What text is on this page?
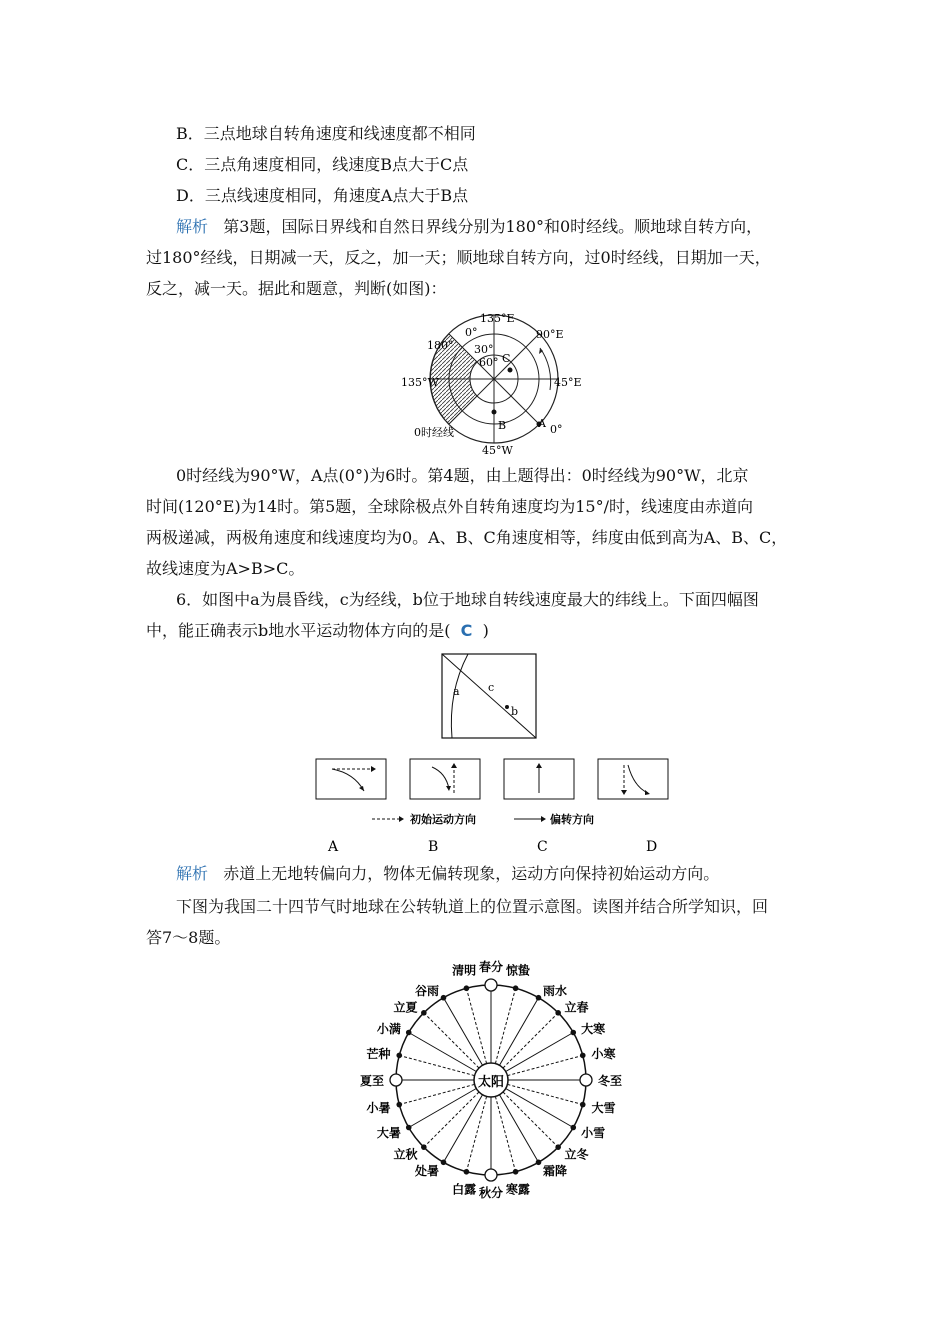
B．三点地球自转角速度和线速度都不相同
C．三点角速度相同，线速度B点大于C点
D．三点线速度相同，角速度A点大于B点
解析 第3题，国际日界线和自然日界线分别为180°和0时经线。顺地球自转方向，
过180°经线，日期减一天，反之，加一天；顺地球自转方向，过0时经线，日期加一天，
反之，减一天。据此和题意，判断(如图)：
135°E
90°E
180°
0°
30°
60° C
135°W	45°E
B	A 0°
0时经线
45°W
0时经线为90°W，A点(0°)为6时。第4题，由上题得出：0时经线为90°W，北京
时间(120°E)为14时。第5题，全球除极点外自转角速度均为15°/时，线速度由赤道向
两极递减，两极角速度和线速度均为0。A、B、C角速度相等，纬度由低到高为A、B、C，
故线速度为A>B>C。
6．如图中a为晨昏线，c为经线，b位于地球自转线速度最大的纬线上。下面四幅图
中，能正确表示b地水平运动物体方向的是( C )
a	c
b
初始运动方向	偏转方向
A	B	C	D
解析 赤道上无地转偏向力，物体无偏转现象，运动方向保持初始运动方向。
下图为我国二十四节气时地球在公转轨道上的位置示意图。读图并结合所学知识，回
答7～8题。
太阳
春分 惊蛰
雨水
立春
大寒
小寒
冬至
大雪
小雪
立冬
霜降
寒露
秋分
白露
处暑
立秋
大暑
小暑
夏至
芒种
小满
立夏
谷雨
清明
